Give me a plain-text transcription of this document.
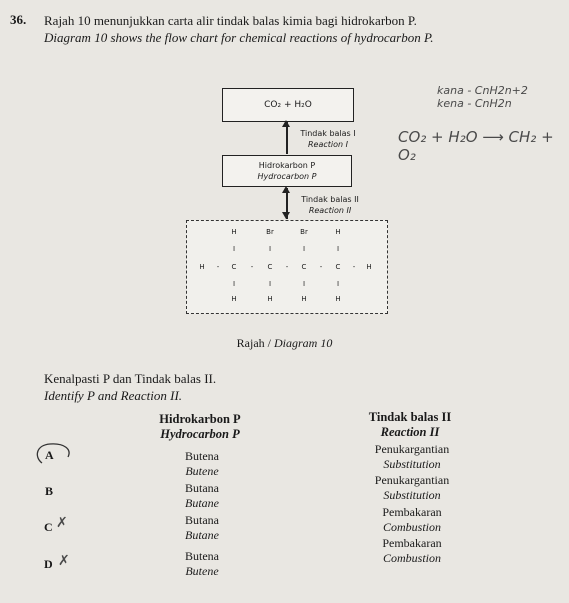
36. Rajah 10 menunjukkan carta alir tindak balas kimia bagi hidrokarbon P.
Diagram 10 shows the flow chart for chemical reactions of hydrocarbon P.
CO₂ + H₂O
Tindak balas I
Reaction I
Hidrokarbon P
Hydrocarbon P
Tindak balas II
Reaction II
H	Br	Br	H
I	I	I	I
H	-	C	-	C	-	C	-	C	-	H
I	I	I	I
H	H	H	H
kana - CnH2n+2
kena - CnH2n
CO₂ + H₂O ⟶ CH₂ + O₂
Rajah / Diagram 10
Kenalpasti P dan Tindak balas II.
Identify P and Reaction II.
Hidrokarbon P
Hydrocarbon P
Tindak balas II
Reaction II
A	Butena
Butene
Penukargantian
Substitution
B	Butana
Butane
Penukargantian
Substitution
C ✗	Butana
Butane
Pembakaran
Combustion
D ✗	Butena
Butene
Pembakaran
Combustion
